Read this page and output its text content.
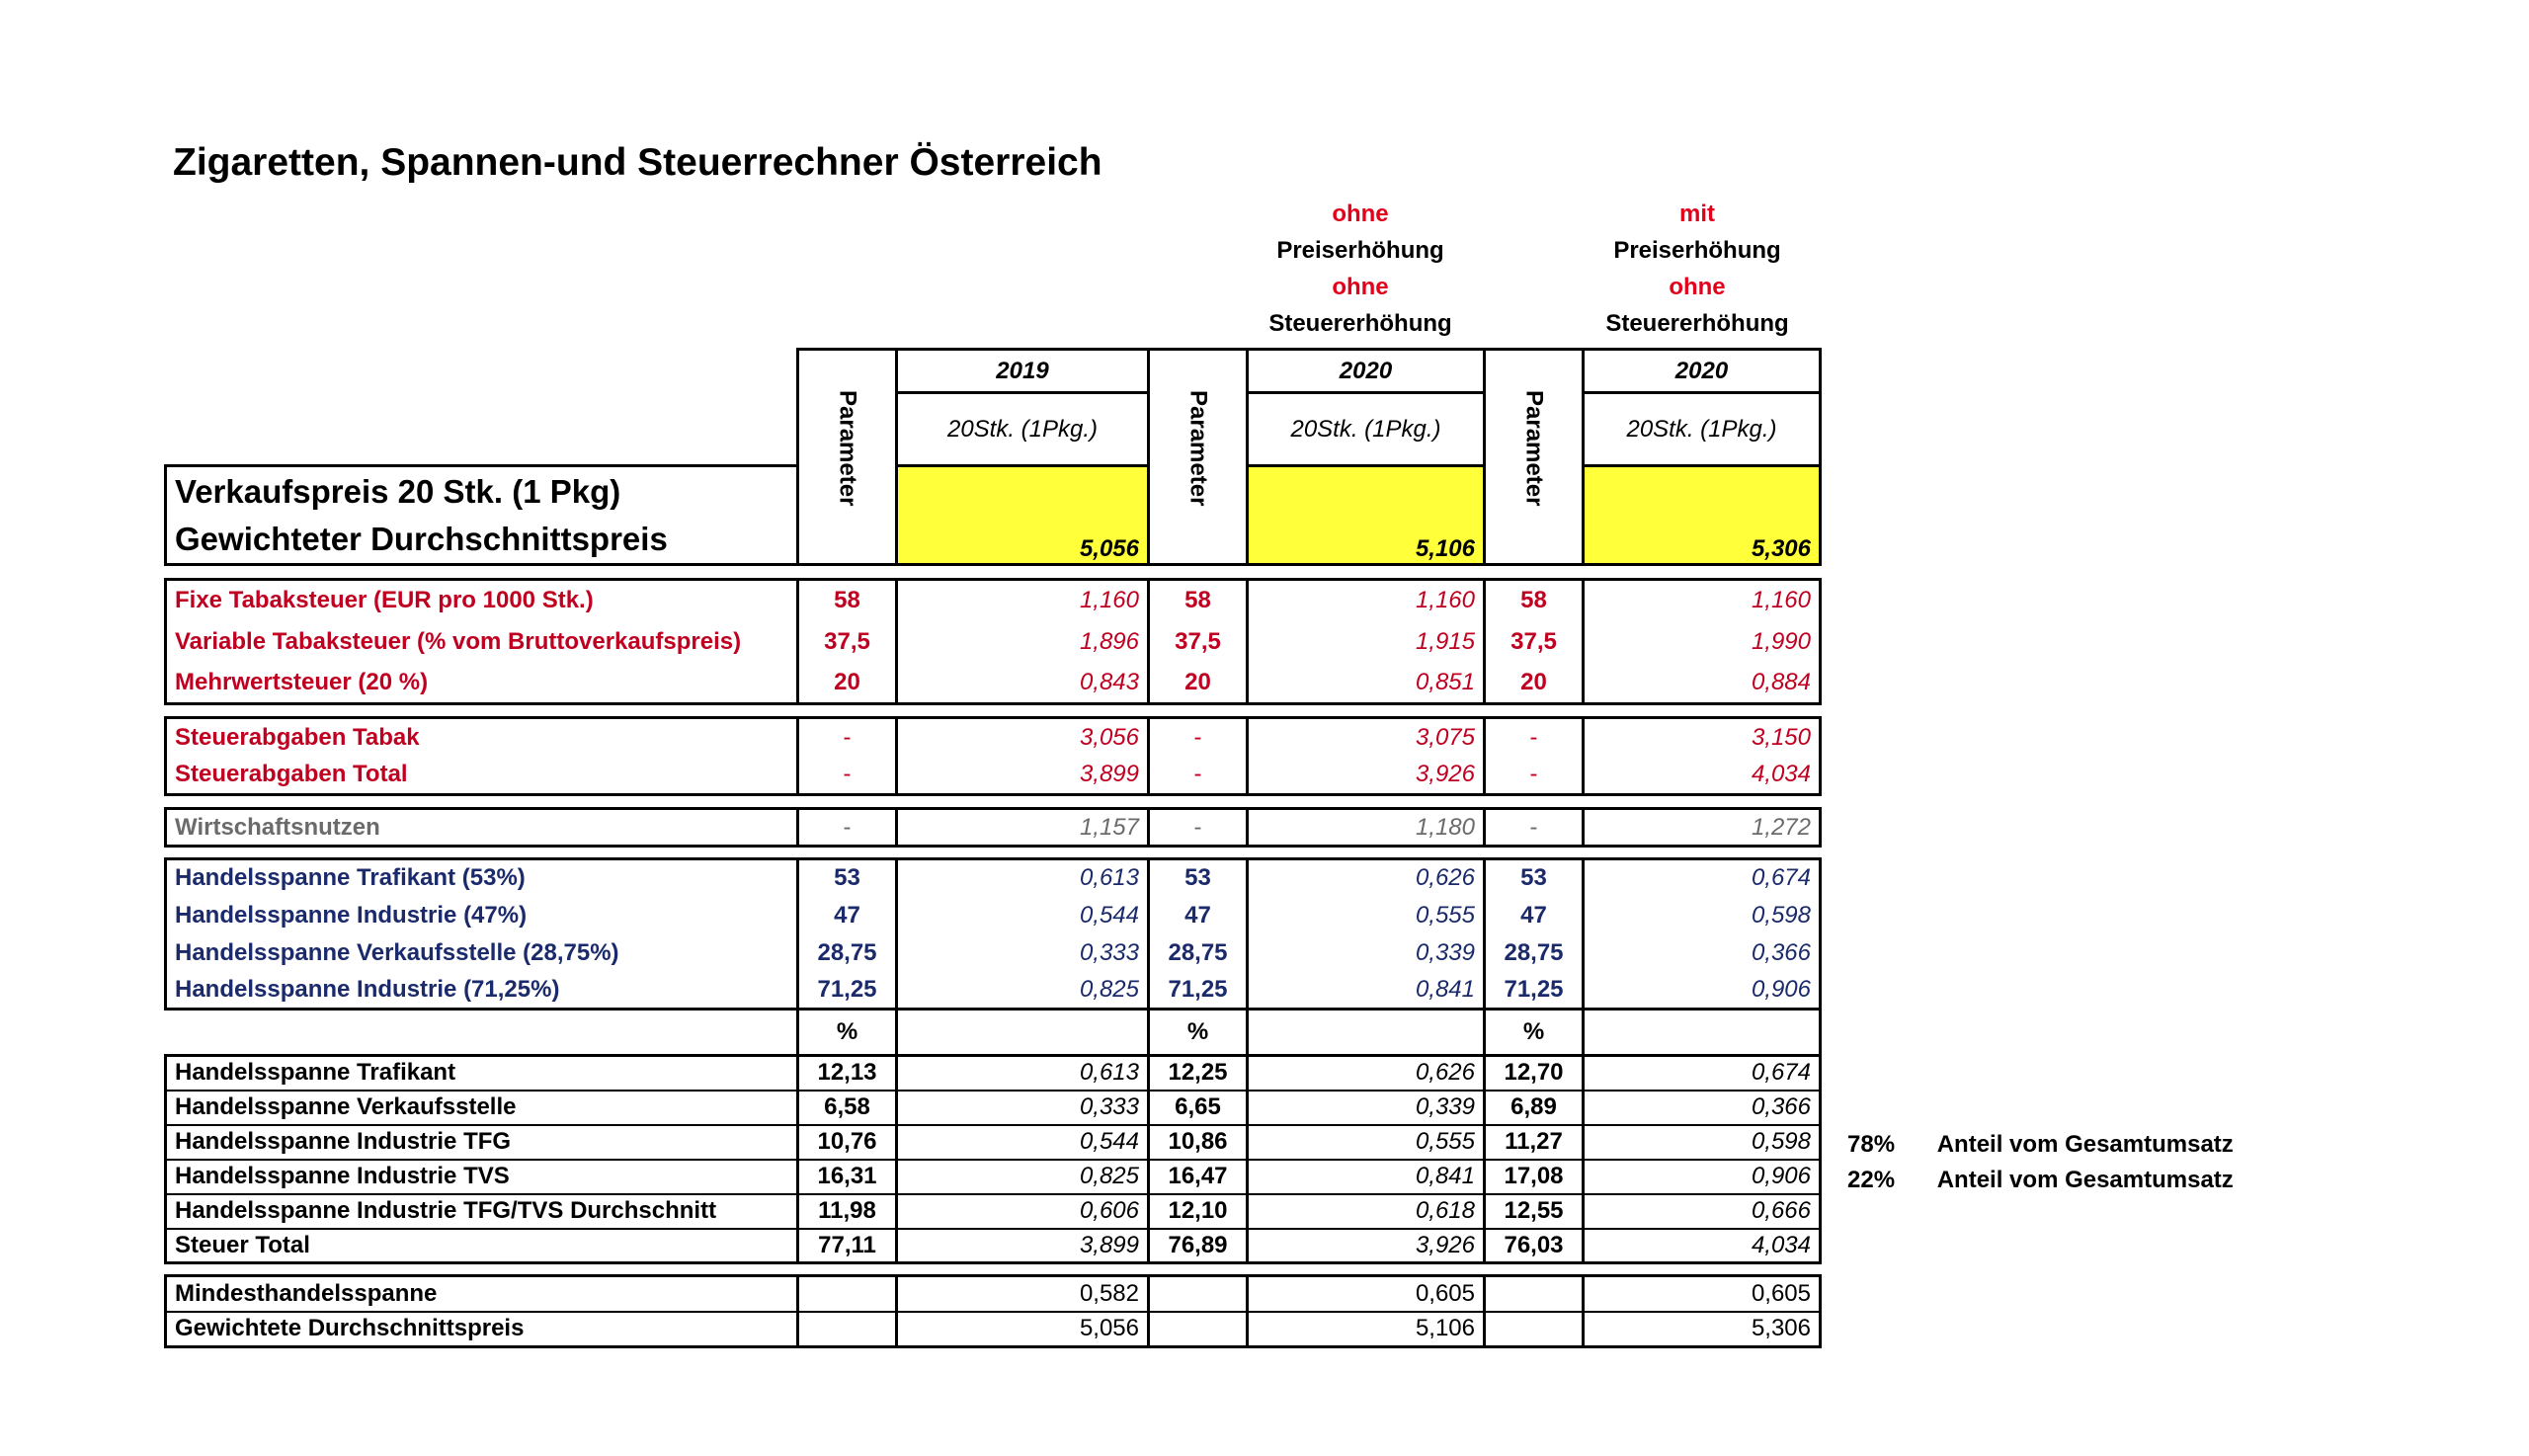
Zigaretten, Spannen-und Steuerrechner Österreich
ohne
Preiserhöhung
ohne
Steuererhöhung
mit
Preiserhöhung
ohne
Steuererhöhung
	Parameter	2019	Parameter	2020	Parameter	2020
		20Stk. (1Pkg.)		20Stk. (1Pkg.)		20Stk. (1Pkg.)

Verkaufspreis 20 Stk. (1 Pkg)
Gewichteter Durchschnittspreis		5,056		5,106		5,306

Fixe Tabaksteuer (EUR pro 1000 Stk.)	58	1,160	58	1,160	58	1,160
Variable Tabaksteuer (% vom Bruttoverkaufspreis)	37,5	1,896	37,5	1,915	37,5	1,990
Mehrwertsteuer (20 %)	20	0,843	20	0,851	20	0,884

Steuerabgaben Tabak	-	3,056	-	3,075	-	3,150
Steuerabgaben Total	-	3,899	-	3,926	-	4,034

Wirtschaftsnutzen	-	1,157	-	1,180	-	1,272

Handelsspanne Trafikant (53%)	53	0,613	53	0,626	53	0,674
Handelsspanne Industrie (47%)	47	0,544	47	0,555	47	0,598
Handelsspanne Verkaufsstelle (28,75%)	28,75	0,333	28,75	0,339	28,75	0,366
Handelsspanne Industrie (71,25%)	71,25	0,825	71,25	0,841	71,25	0,906
	%		%		%	
Handelsspanne Trafikant	12,13	0,613	12,25	0,626	12,70	0,674
Handelsspanne Verkaufsstelle	6,58	0,333	6,65	0,339	6,89	0,366
Handelsspanne Industrie TFG	10,76	0,544	10,86	0,555	11,27	0,598
Handelsspanne Industrie TVS	16,31	0,825	16,47	0,841	17,08	0,906
Handelsspanne Industrie TFG/TVS Durchschnitt	11,98	0,606	12,10	0,618	12,55	0,666
Steuer Total	77,11	3,899	76,89	3,926	76,03	4,034

Mindesthandelsspanne		0,582		0,605		0,605
Gewichtete Durchschnittspreis		5,056		5,106		5,306
78% Anteil vom Gesamtumsatz
22% Anteil vom Gesamtumsatz
